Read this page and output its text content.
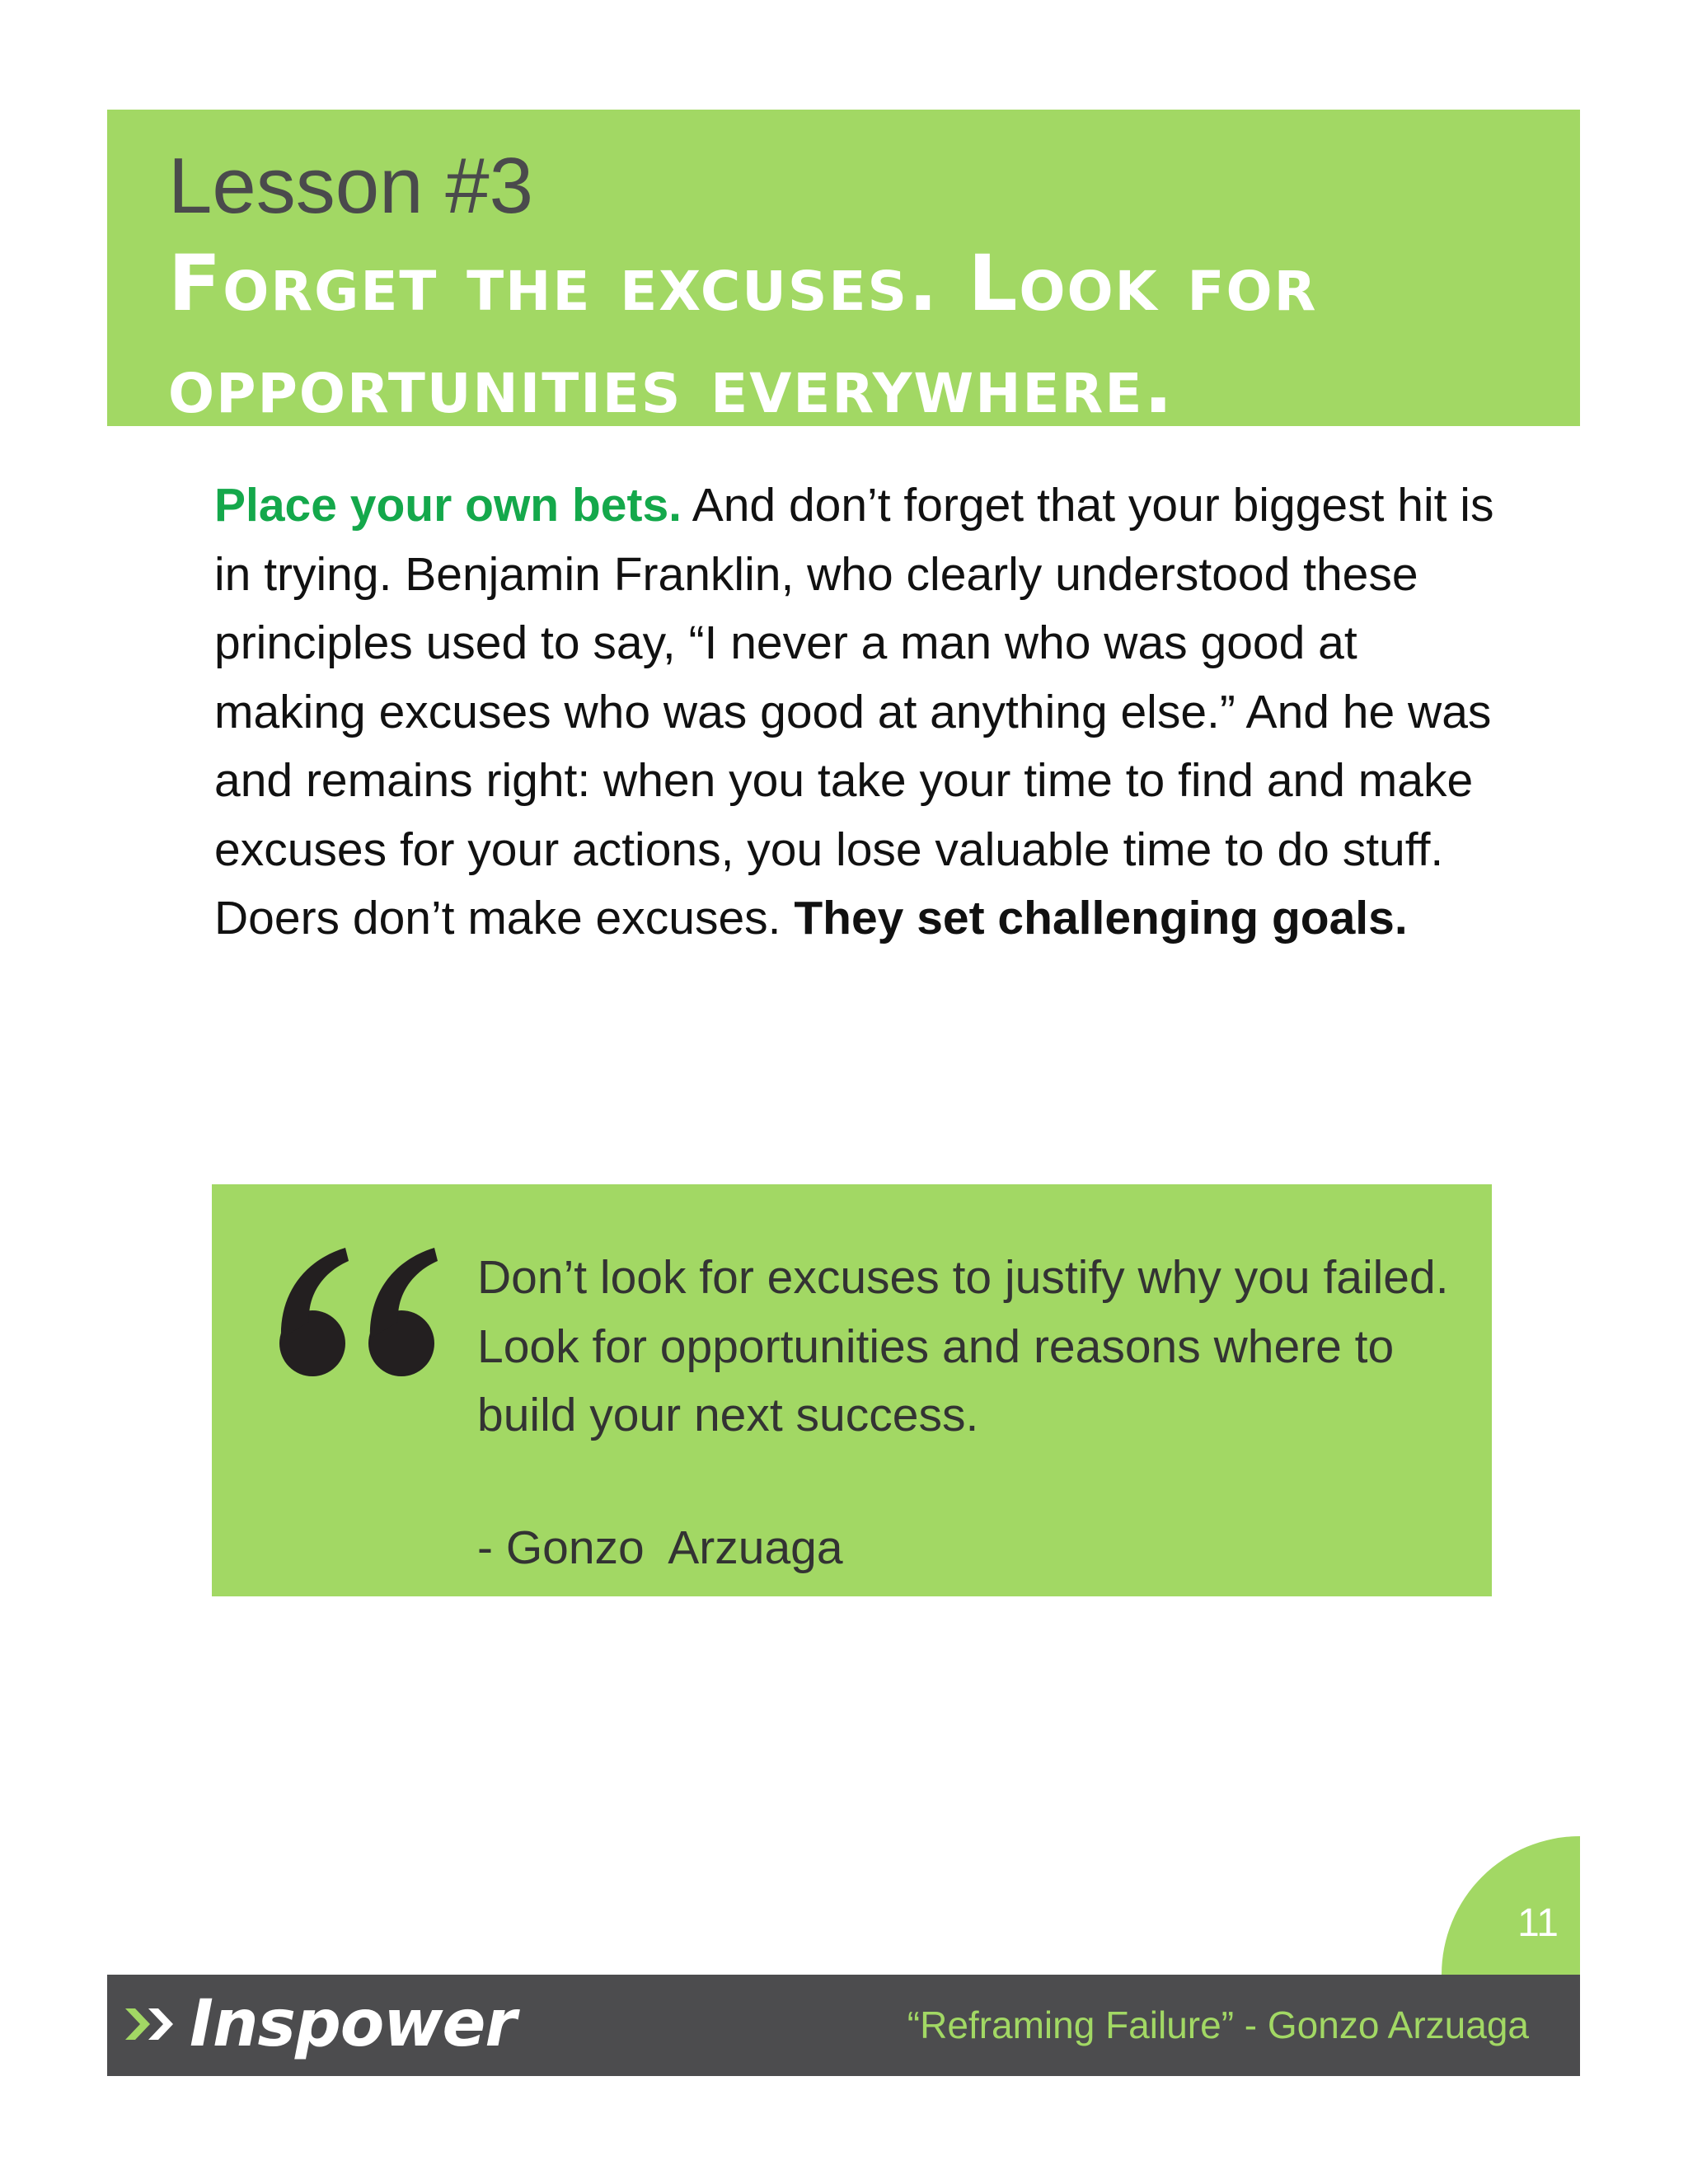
Lesson #3
Forget the excuses. Look for opportunities everywhere.

Place your own bets. And don’t forget that your biggest hit is in trying. Benjamin Franklin, who clearly understood these principles used to say, “I never a man who was good at making excuses who was good at anything else.” And he was and remains right: when you take your time to find and make excuses for your actions, you lose valuable time to do stuff. Doers don’t make excuses. They set challenging goals.

Don’t look for excuses to justify why you failed. Look for opportunities and reasons where to build your next success.

- Gonzo  Arzuaga

11
Inspower	“Reframing Failure” - Gonzo Arzuaga
